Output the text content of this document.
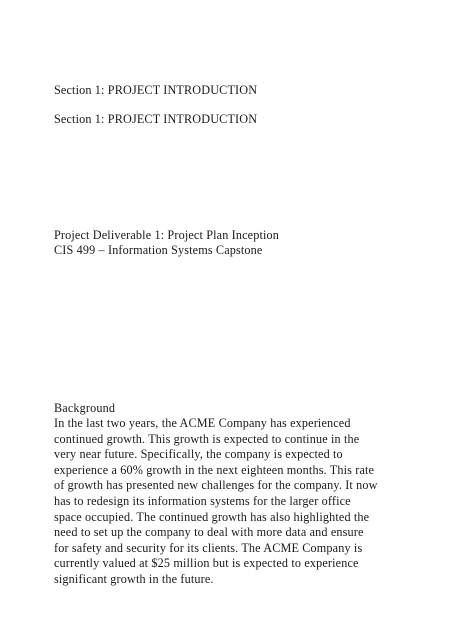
Section 1: PROJECT INTRODUCTION
Section 1: PROJECT INTRODUCTION
Project Deliverable 1: Project Plan Inception
CIS 499 – Information Systems Capstone
Background
In the last two years, the ACME Company has experienced
continued growth. This growth is expected to continue in the
very near future. Specifically, the company is expected to
experience a 60% growth in the next eighteen months. This rate
of growth has presented new challenges for the company. It now
has to redesign its information systems for the larger office
space occupied. The continued growth has also highlighted the
need to set up the company to deal with more data and ensure
for safety and security for its clients. The ACME Company is
currently valued at $25 million but is expected to experience
significant growth in the future.
